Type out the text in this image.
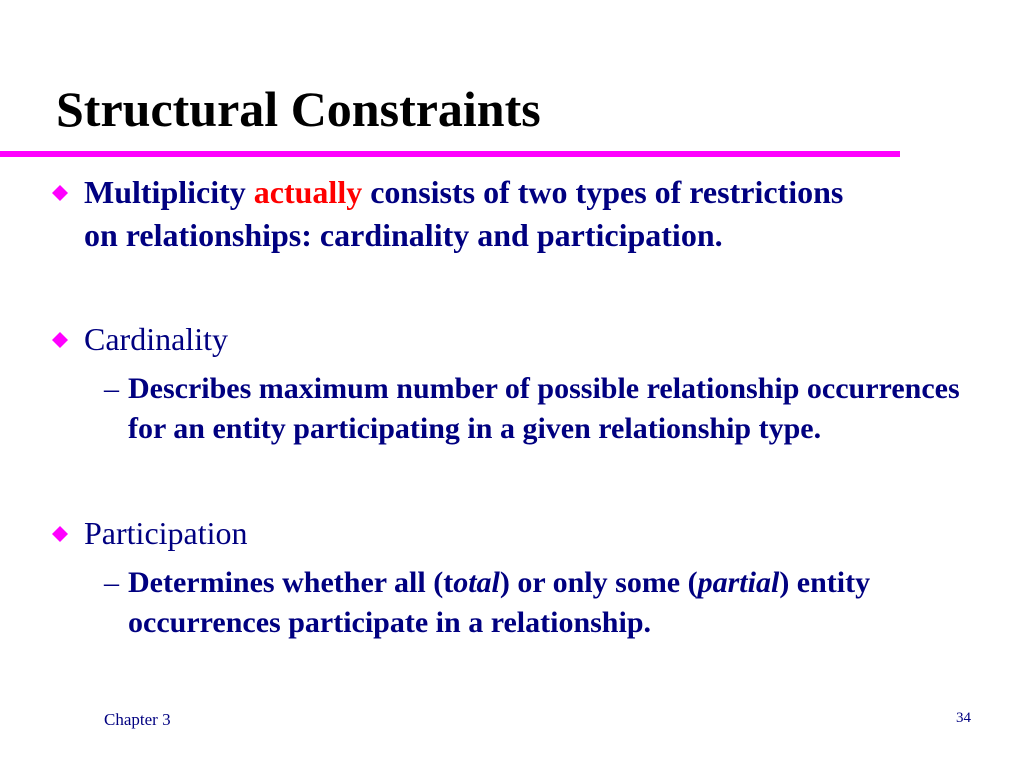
Structural Constraints
Multiplicity actually consists of two types of restrictions on relationships: cardinality and participation.
Cardinality
– Describes maximum number of possible relationship occurrences for an entity participating in a given relationship type.
Participation
– Determines whether all (total) or only some (partial) entity occurrences participate in a relationship.
Chapter 3	34
